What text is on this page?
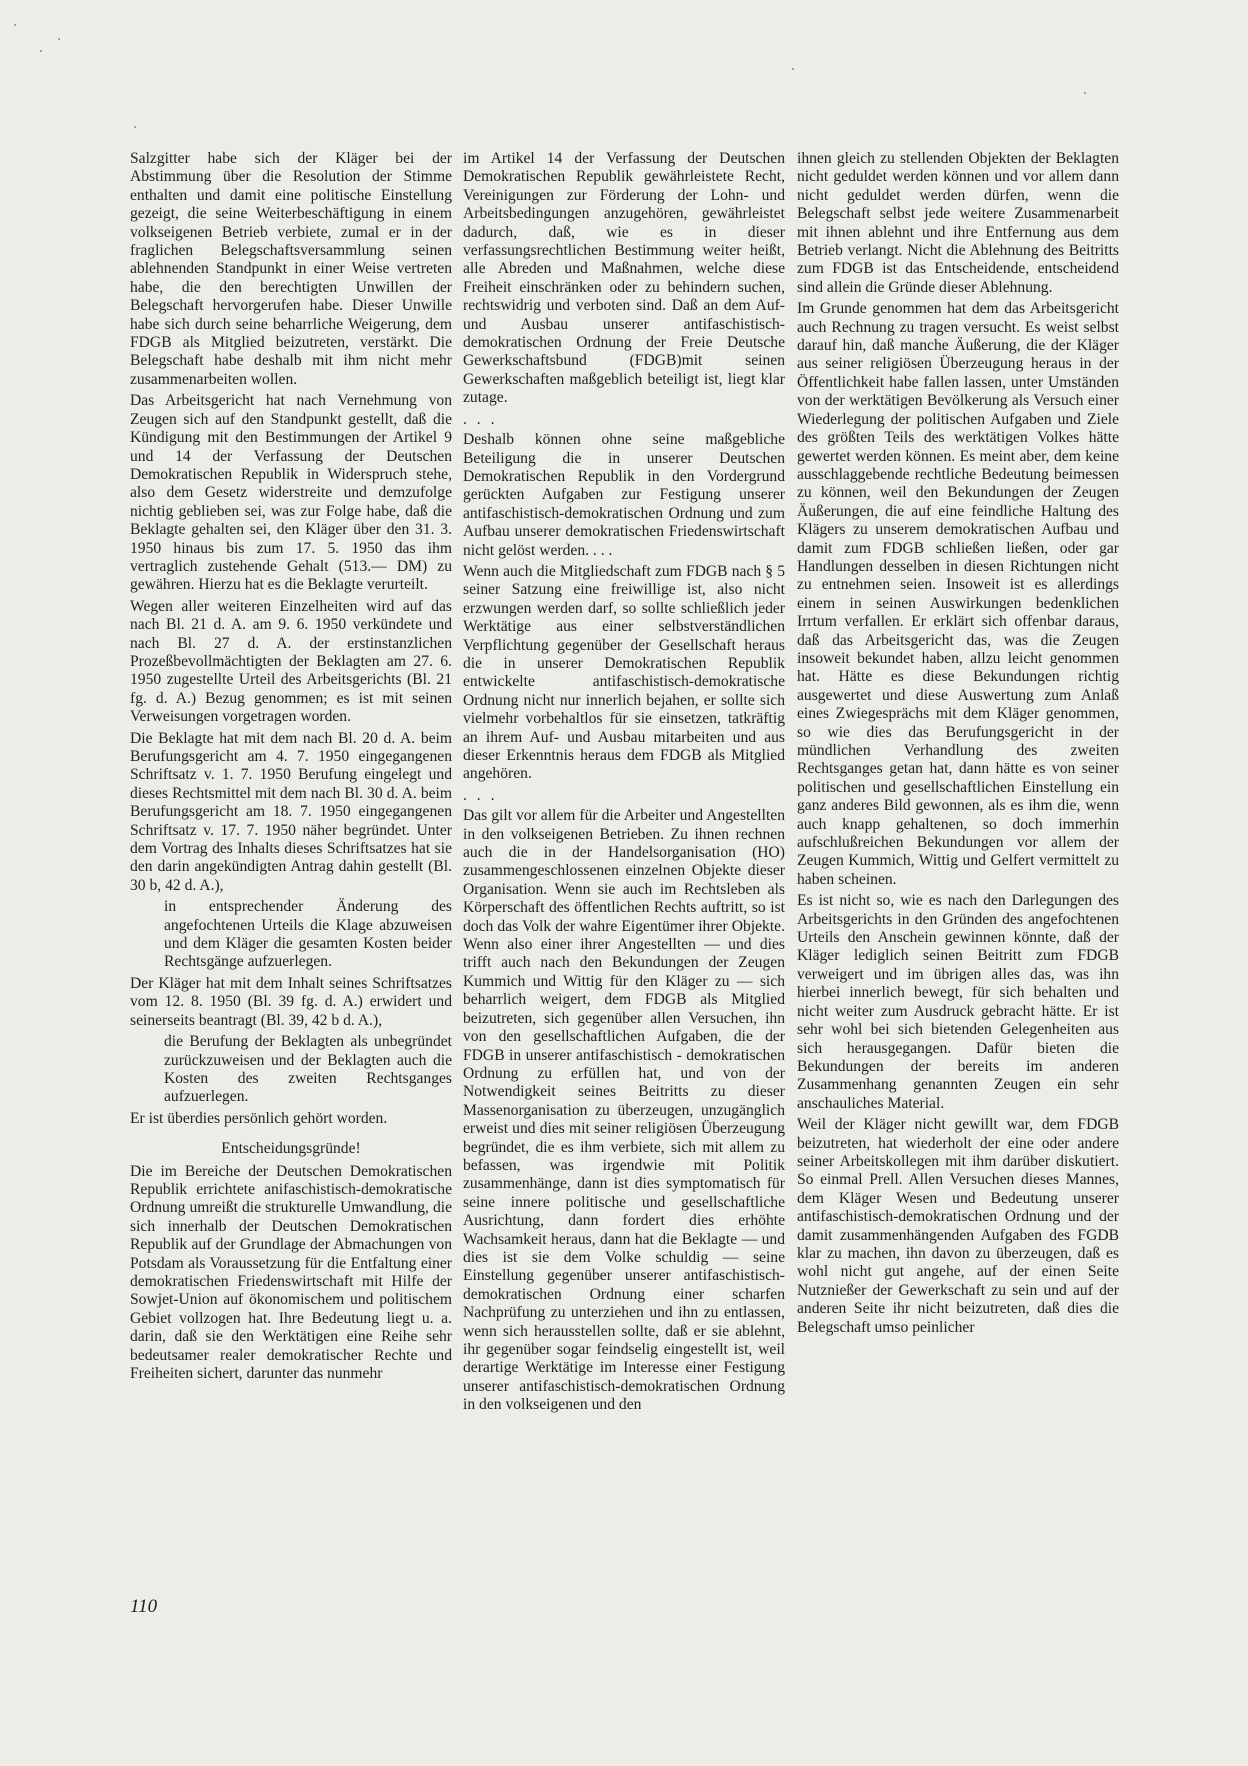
Salzgitter habe sich der Kläger bei der Abstimmung über die Resolution der Stimme enthalten und damit eine politische Einstellung gezeigt, die seine Weiterbeschäftigung in einem volkseigenen Betrieb verbiete, zumal er in der fraglichen Belegschaftsversammlung seinen ablehnenden Standpunkt in einer Weise vertreten habe, die den berechtigten Unwillen der Belegschaft hervorgerufen habe. Dieser Unwille habe sich durch seine beharrliche Weigerung, dem FDGB als Mitglied beizutreten, verstärkt. Die Belegschaft habe deshalb mit ihm nicht mehr zusammenarbeiten wollen.

Das Arbeitsgericht hat nach Vernehmung von Zeugen sich auf den Standpunkt gestellt, daß die Kündigung mit den Bestimmungen der Artikel 9 und 14 der Verfassung der Deutschen Demokratischen Republik in Widerspruch stehe, also dem Gesetz widerstreite und demzufolge nichtig geblieben sei, was zur Folge habe, daß die Beklagte gehalten sei, den Kläger über den 31. 3. 1950 hinaus bis zum 17. 5. 1950 das ihm vertraglich zustehende Gehalt (513.— DM) zu gewähren. Hierzu hat es die Beklagte verurteilt.

Wegen aller weiteren Einzelheiten wird auf das nach Bl. 21 d. A. am 9. 6. 1950 verkündete und nach Bl. 27 d. A. der erstinstanzlichen Prozeßbevollmächtigten der Beklagten am 27. 6. 1950 zugestellte Urteil des Arbeitsgerichts (Bl. 21 fg. d. A.) Bezug genommen; es ist mit seinen Verweisungen vorgetragen worden.

Die Beklagte hat mit dem nach Bl. 20 d. A. beim Berufungsgericht am 4. 7. 1950 eingegangenen Schriftsatz v. 1. 7. 1950 Berufung eingelegt und dieses Rechtsmittel mit dem nach Bl. 30 d. A. beim Berufungsgericht am 18. 7. 1950 eingegangenen Schriftsatz v. 17. 7. 1950 näher begründet. Unter dem Vortrag des Inhalts dieses Schriftsatzes hat sie den darin angekündigten Antrag dahin gestellt (Bl. 30 b, 42 d. A.),

in entsprechender Änderung des angefochtenen Urteils die Klage abzuweisen und dem Kläger die gesamten Kosten beider Rechtsgänge aufzuerlegen.

Der Kläger hat mit dem Inhalt seines Schriftsatzes vom 12. 8. 1950 (Bl. 39 fg. d. A.) erwidert und seinerseits beantragt (Bl. 39, 42 b d. A.),

die Berufung der Beklagten als unbegründet zurückzuweisen und der Beklagten auch die Kosten des zweiten Rechtsganges aufzuerlegen.

Er ist überdies persönlich gehört worden.

Entscheidungsgründe!

Die im Bereiche der Deutschen Demokratischen Republik errichtete anifaschistisch-demokratische Ordnung umreißt die strukturelle Umwandlung, die sich innerhalb der Deutschen Demokratischen Republik auf der Grundlage der Abmachungen von Potsdam als Voraussetzung für die Entfaltung einer demokratischen Friedenswirtschaft mit Hilfe der Sowjet-Union auf ökonomischem und politischem Gebiet vollzogen hat. Ihre Bedeutung liegt u. a. darin, daß sie den Werktätigen eine Reihe sehr bedeutsamer realer demokratischer Rechte und Freiheiten sichert, darunter das nunmehr

im Artikel 14 der Verfassung der Deutschen Demokratischen Republik gewährleistete Recht, Vereinigungen zur Förderung der Lohn- und Arbeitsbedingungen anzugehören, gewährleistet dadurch, daß, wie es in dieser verfassungsrechtlichen Bestimmung weiter heißt, alle Abreden und Maßnahmen, welche diese Freiheit einschränken oder zu behindern suchen, rechtswidrig und verboten sind. Daß an dem Auf- und Ausbau unserer antifaschistisch-demokratischen Ordnung der Freie Deutsche Gewerkschaftsbund (FDGB)mit seinen Gewerkschaften maßgeblich beteiligt ist, liegt klar zutage.

. . .

Deshalb können ohne seine maßgebliche Beteiligung die in unserer Deutschen Demokratischen Republik in den Vordergrund gerückten Aufgaben zur Festigung unserer antifaschistisch-demokratischen Ordnung und zum Aufbau unserer demokratischen Friedenswirtschaft nicht gelöst werden. . . .

Wenn auch die Mitgliedschaft zum FDGB nach § 5 seiner Satzung eine freiwillige ist, also nicht erzwungen werden darf, so sollte schließlich jeder Werktätige aus einer selbstverständlichen Verpflichtung gegenüber der Gesellschaft heraus die in unserer Demokratischen Republik entwickelte antifaschistisch-demokratische Ordnung nicht nur innerlich bejahen, er sollte sich vielmehr vorbehaltlos für sie einsetzen, tatkräftig an ihrem Auf- und Ausbau mitarbeiten und aus dieser Erkenntnis heraus dem FDGB als Mitglied angehören.

. . .

Das gilt vor allem für die Arbeiter und Angestellten in den volkseigenen Betrieben. Zu ihnen rechnen auch die in der Handelsorganisation (HO) zusammengeschlossenen einzelnen Objekte dieser Organisation. Wenn sie auch im Rechtsleben als Körperschaft des öffentlichen Rechts auftritt, so ist doch das Volk der wahre Eigentümer ihrer Objekte. Wenn also einer ihrer Angestellten — und dies trifft auch nach den Bekundungen der Zeugen Kummich und Wittig für den Kläger zu — sich beharrlich weigert, dem FDGB als Mitglied beizutreten, sich gegenüber allen Versuchen, ihn von den gesellschaftlichen Aufgaben, die der FDGB in unserer antifaschistisch - demokratischen Ordnung zu erfüllen hat, und von der Notwendigkeit seines Beitritts zu dieser Massenorganisation zu überzeugen, unzugänglich erweist und dies mit seiner religiösen Überzeugung begründet, die es ihm verbiete, sich mit allem zu befassen, was irgendwie mit Politik zusammenhänge, dann ist dies symptomatisch für seine innere politische und gesellschaftliche Ausrichtung, dann fordert dies erhöhte Wachsamkeit heraus, dann hat die Beklagte — und dies ist sie dem Volke schuldig — seine Einstellung gegenüber unserer antifaschistisch-demokratischen Ordnung einer scharfen Nachprüfung zu unterziehen und ihn zu entlassen, wenn sich herausstellen sollte, daß er sie ablehnt, ihr gegenüber sogar feindselig eingestellt ist, weil derartige Werktätige im Interesse einer Festigung unserer antifaschistisch-demokratischen Ordnung in den volkseigenen und den

ihnen gleich zu stellenden Objekten der Beklagten nicht geduldet werden können und vor allem dann nicht geduldet werden dürfen, wenn die Belegschaft selbst jede weitere Zusammenarbeit mit ihnen ablehnt und ihre Entfernung aus dem Betrieb verlangt. Nicht die Ablehnung des Beitritts zum FDGB ist das Entscheidende, entscheidend sind allein die Gründe dieser Ablehnung.

Im Grunde genommen hat dem das Arbeitsgericht auch Rechnung zu tragen versucht. Es weist selbst darauf hin, daß manche Äußerung, die der Kläger aus seiner religiösen Überzeugung heraus in der Öffentlichkeit habe fallen lassen, unter Umständen von der werktätigen Bevölkerung als Versuch einer Wiederlegung der politischen Aufgaben und Ziele des größten Teils des werktätigen Volkes hätte gewertet werden können. Es meint aber, dem keine ausschlaggebende rechtliche Bedeutung beimessen zu können, weil den Bekundungen der Zeugen Äußerungen, die auf eine feindliche Haltung des Klägers zu unserem demokratischen Aufbau und damit zum FDGB schließen ließen, oder gar Handlungen desselben in diesen Richtungen nicht zu entnehmen seien. Insoweit ist es allerdings einem in seinen Auswirkungen bedenklichen Irrtum verfallen. Er erklärt sich offenbar daraus, daß das Arbeitsgericht das, was die Zeugen insoweit bekundet haben, allzu leicht genommen hat. Hätte es diese Bekundungen richtig ausgewertet und diese Auswertung zum Anlaß eines Zwiegesprächs mit dem Kläger genommen, so wie dies das Berufungsgericht in der mündlichen Verhandlung des zweiten Rechtsganges getan hat, dann hätte es von seiner politischen und gesellschaftlichen Einstellung ein ganz anderes Bild gewonnen, als es ihm die, wenn auch knapp gehaltenen, so doch immerhin aufschlußreichen Bekundungen vor allem der Zeugen Kummich, Wittig und Gelfert vermittelt zu haben scheinen.

Es ist nicht so, wie es nach den Darlegungen des Arbeitsgerichts in den Gründen des angefochtenen Urteils den Anschein gewinnen könnte, daß der Kläger lediglich seinen Beitritt zum FDGB verweigert und im übrigen alles das, was ihn hierbei innerlich bewegt, für sich behalten und nicht weiter zum Ausdruck gebracht hätte. Er ist sehr wohl bei sich bietenden Gelegenheiten aus sich herausgegangen. Dafür bieten die Bekundungen der bereits im anderen Zusammenhang genannten Zeugen ein sehr anschauliches Material.

Weil der Kläger nicht gewillt war, dem FDGB beizutreten, hat wiederholt der eine oder andere seiner Arbeitskollegen mit ihm darüber diskutiert. So einmal Prell. Allen Versuchen dieses Mannes, dem Kläger Wesen und Bedeutung unserer antifaschistisch-demokratischen Ordnung und der damit zusammenhängenden Aufgaben des FGDB klar zu machen, ihn davon zu überzeugen, daß es wohl nicht gut angehe, auf der einen Seite Nutznießer der Gewerkschaft zu sein und auf der anderen Seite ihr nicht beizutreten, daß dies die Belegschaft umso peinlicher

110
